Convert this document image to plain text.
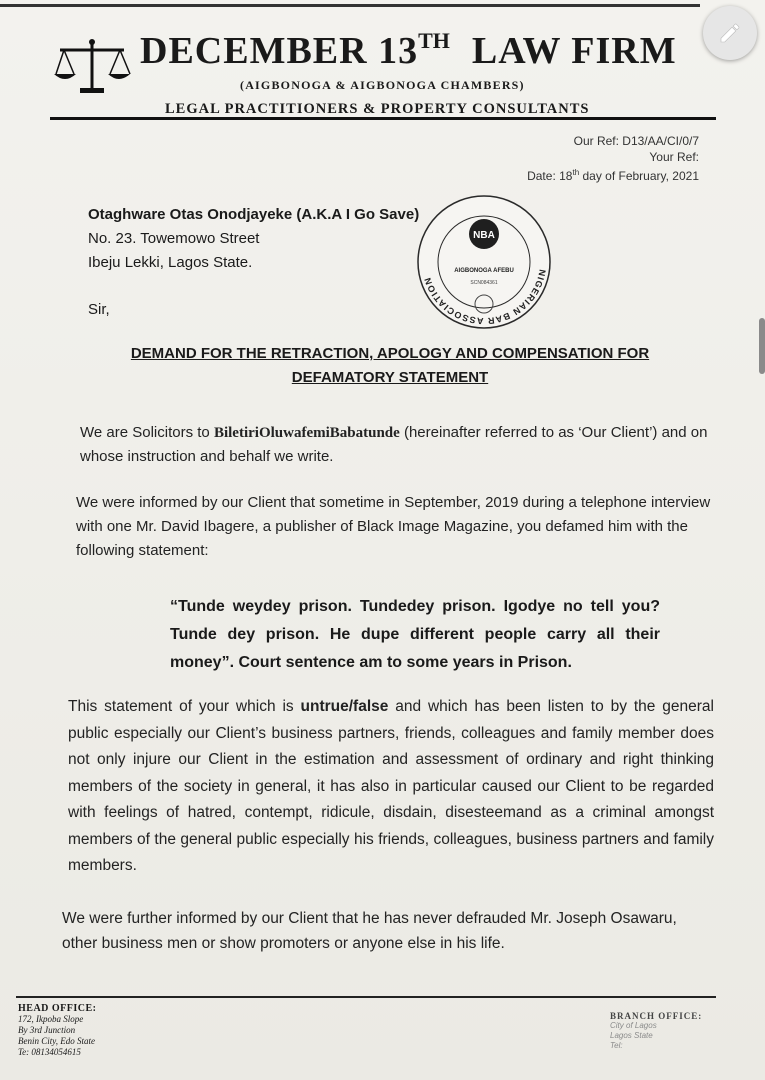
DECEMBER 13TH LAW FIRM
(AIGBONOGA & AIGBONOGA CHAMBERS)
LEGAL PRACTITIONERS & PROPERTY CONSULTANTS
Our Ref: D13/AA/CI/0/7
Your Ref:
Date: 18th day of February, 2021
Otaghware Otas Onodjayeke (A.K.A I Go Save)
No. 23. Towemowo Street
Ibeju Lekki, Lagos State.
NIGERIAN BAR ASSOCIATION
NBA
AIGBONOGA AFEBU
SCN084361
Sir,
DEMAND FOR THE RETRACTION, APOLOGY AND COMPENSATION FOR
DEFAMATORY STATEMENT
We are Solicitors to BiletiriOluwafemiBabatunde (hereinafter referred to as ‘Our Client’) and on whose instruction and behalf we write.
We were informed by our Client that sometime in September, 2019 during a telephone interview with one Mr. David Ibagere, a publisher of Black Image Magazine, you defamed him with the following statement:
“Tunde weydey prison. Tundedey prison. Igodye no tell you? Tunde dey prison. He dupe different people carry all their money”. Court sentence am to some years in Prison.
This statement of your which is untrue/false and which has been listen to by the general public especially our Client’s business partners, friends, colleagues and family member does not only injure our Client in the estimation and assessment of ordinary and right thinking members of the society in general, it has also in particular caused our Client to be regarded with feelings of hatred, contempt, ridicule, disdain, disesteemand as a criminal amongst members of the general public especially his friends, colleagues, business partners and family members.
We were further informed by our Client that he has never defrauded Mr. Joseph Osawaru, other business men or show promoters or anyone else in his life.
HEAD OFFICE:
172, Ikpoba Slope
By 3rd Junction
Benin City, Edo State
Te: 08134054615
BRANCH OFFICE:
City of Lagos
Lagos State
Tel:
